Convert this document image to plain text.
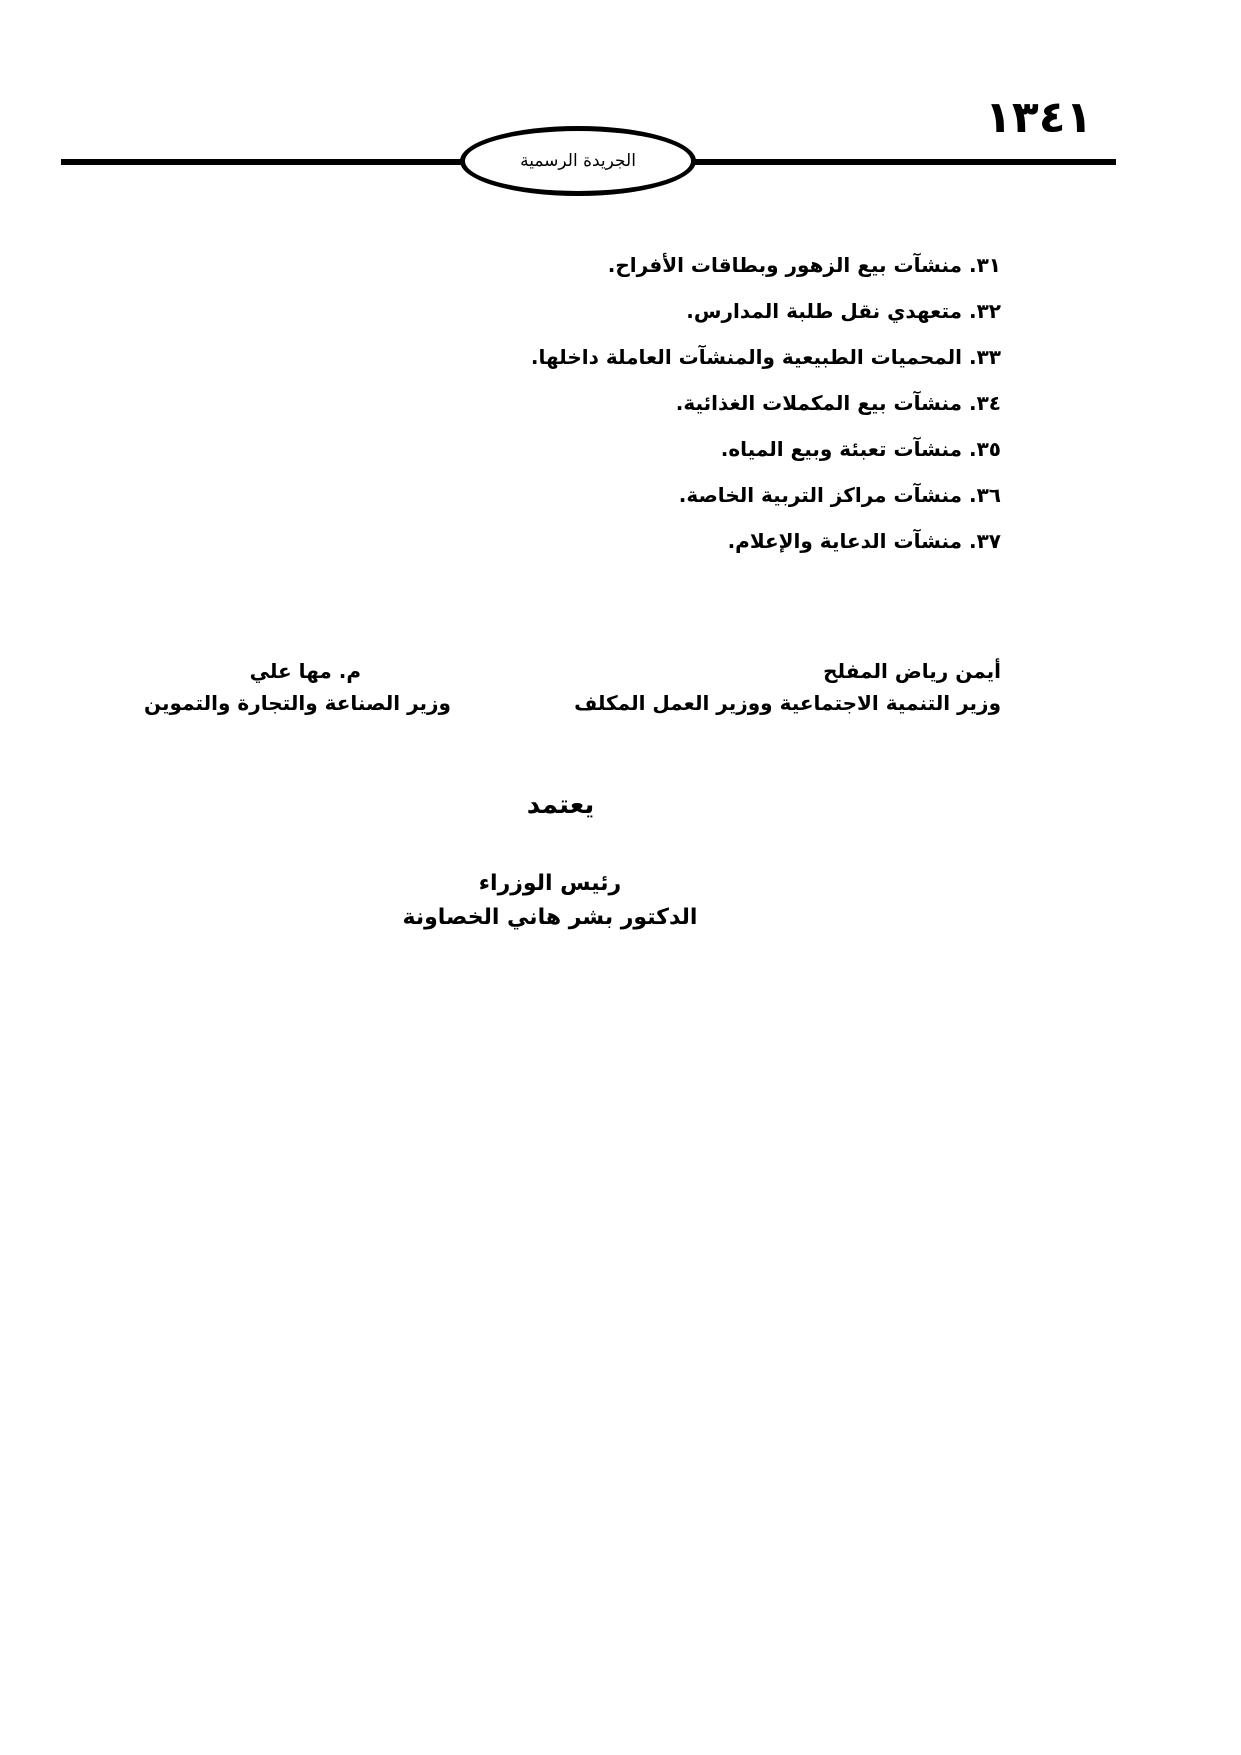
١٣٤١
الجريدة الرسمية
٣١. منشآت بيع الزهور وبطاقات الأفراح.
٣٢. متعهدي نقل طلبة المدارس.
٣٣. المحميات الطبيعية والمنشآت العاملة داخلها.
٣٤. منشآت بيع المكملات الغذائية.
٣٥. منشآت تعبئة وبيع المياه.
٣٦. منشآت مراكز التربية الخاصة.
٣٧. منشآت الدعاية والإعلام.
أيمن رياض المفلح
وزير التنمية الاجتماعية ووزير العمل المكلف
م. مها علي
وزير الصناعة والتجارة والتموين
يعتمد
رئيس الوزراء
الدكتور بشر هاني الخصاونة
